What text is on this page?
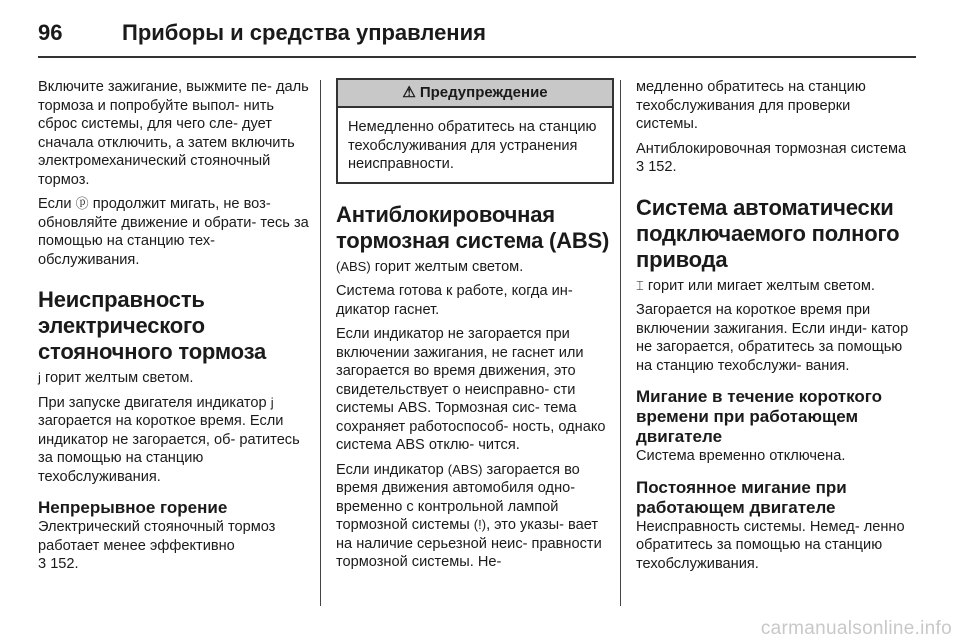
96	Приборы и средства управления

Включите зажигание, выжмите пе- даль тормоза и попробуйте выпол- нить сброс системы, для чего сле- дует сначала отключить, а затем включить электромеханический стояночный тормоз.

Если ⓟ продолжит мигать, не воз- обновляйте движение и обрати- тесь за помощью на станцию тех- обслуживания.

Неисправность электрического стояночного тормоза

j горит желтым светом.

При запуске двигателя индикатор j загорается на короткое время. Если индикатор не загорается, об- ратитесь за помощью на станцию техобслуживания.

Непрерывное горение

Электрический стояночный тормоз работает менее эффективно
3 152.

⚠ Предупреждение
Немедленно обратитесь на станцию техобслуживания для устранения неисправности.
Антиблокировочная тормозная система (ABS)

(ABS) горит желтым светом.

Система готова к работе, когда ин- дикатор гаснет.

Если индикатор не загорается при включении зажигания, не гаснет или загорается во время движения, это свидетельствует о неисправно- сти системы ABS. Тормозная сис- тема сохраняет работоспособ- ность, однако система ABS отклю- чится.

Если индикатор (ABS) загорается во время движения автомобиля одно- временно с контрольной лампой тормозной системы (!), это указы- вает на наличие серьезной неис- правности тормозной системы. Не-

медленно обратитесь на станцию техобслуживания для проверки системы.

Антиблокировочная тормозная система 3 152.

Система автоматически подключаемого полного привода

⌶ горит или мигает желтым светом.

Загорается на короткое время при включении зажигания. Если инди- катор не загорается, обратитесь за помощью на станцию техобслужи- вания.

Мигание в течение короткого времени при работающем двигателе

Система временно отключена.

Постоянное мигание при работающем двигателе

Неисправность системы. Немед- ленно обратитесь за помощью на станцию техобслуживания.

carmanualsonline.info
